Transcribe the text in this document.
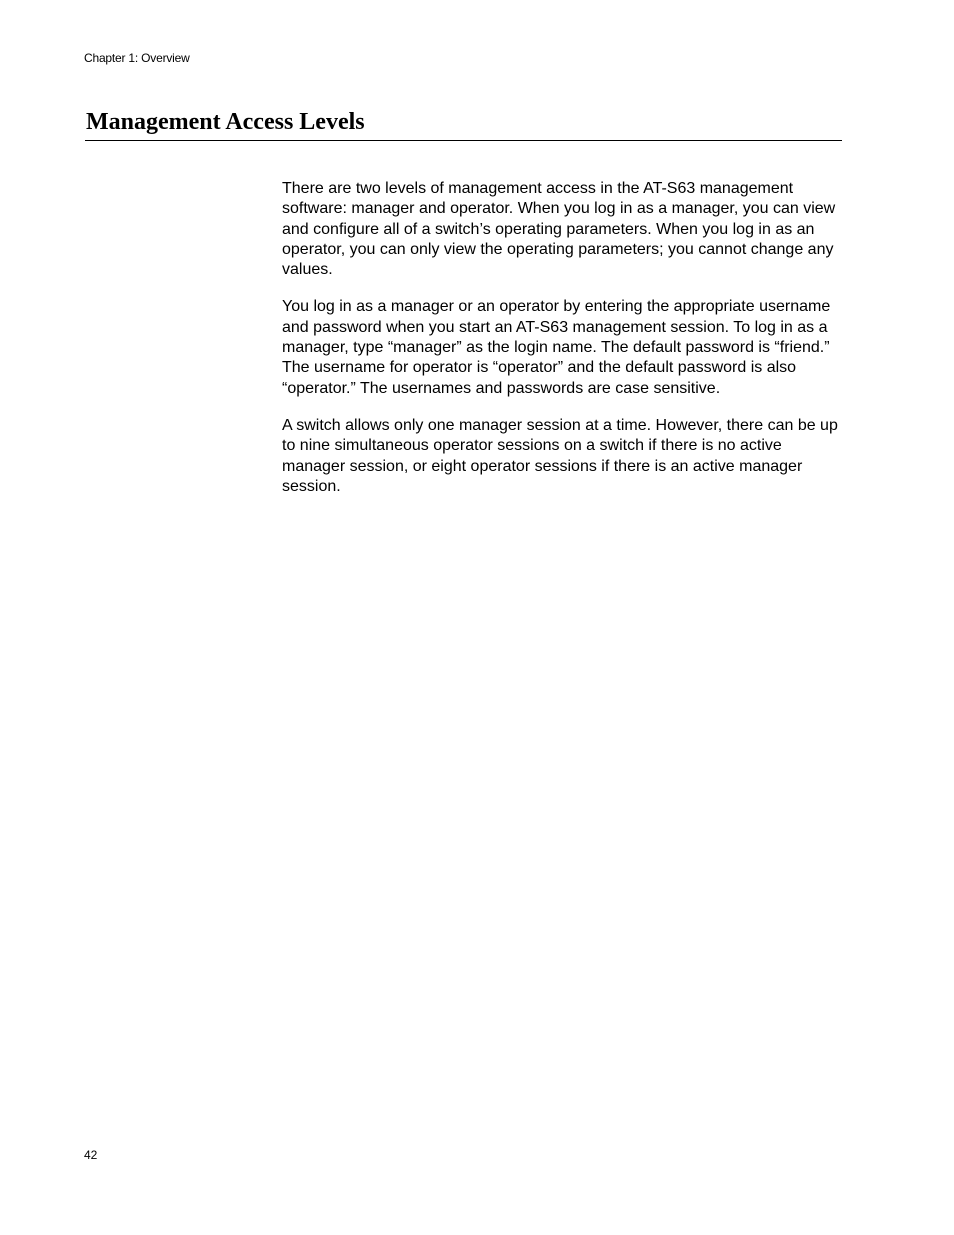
Chapter 1: Overview
Management Access Levels

There are two levels of management access in the AT-S63 management software: manager and operator. When you log in as a manager, you can view and configure all of a switch’s operating parameters. When you log in as an operator, you can only view the operating parameters; you cannot change any values.

You log in as a manager or an operator by entering the appropriate username and password when you start an AT-S63 management session. To log in as a manager, type “manager” as the login name. The default password is “friend.” The username for operator is “operator” and the default password is also “operator.” The usernames and passwords are case sensitive.

A switch allows only one manager session at a time. However, there can be up to nine simultaneous operator sessions on a switch if there is no active manager session, or eight operator sessions if there is an active manager session.

42
